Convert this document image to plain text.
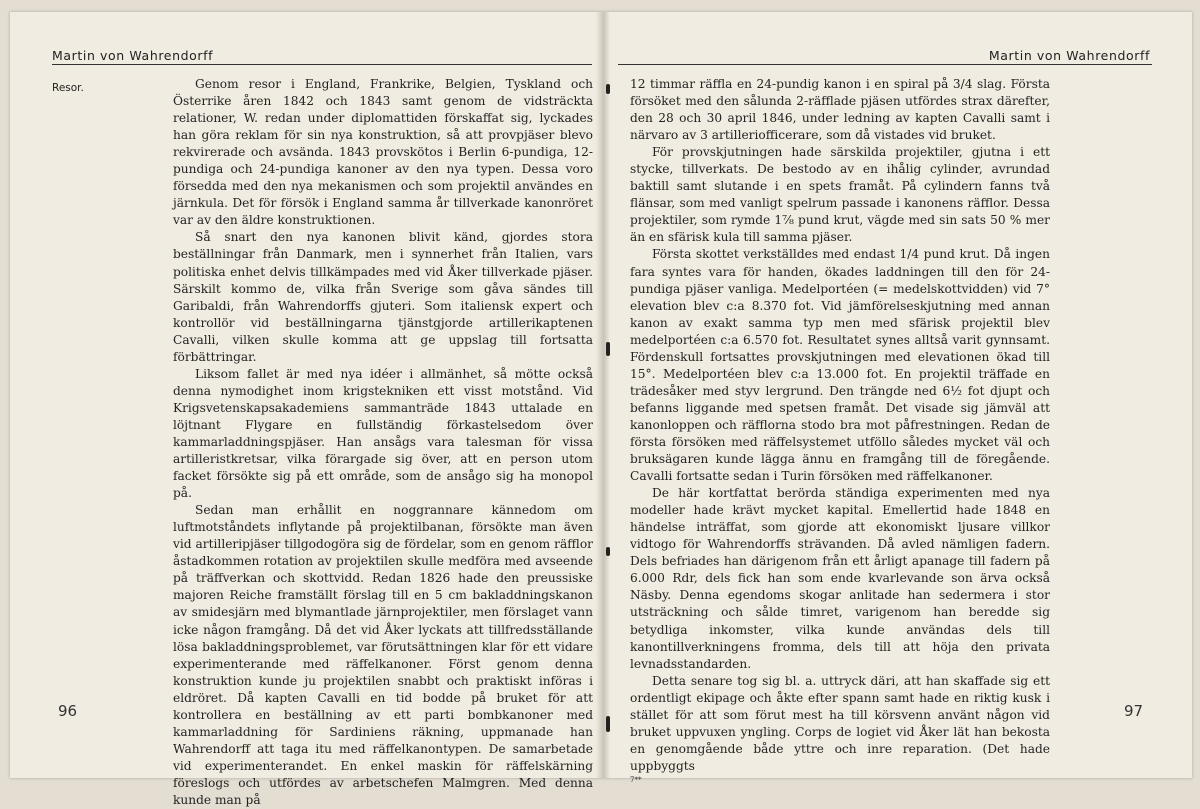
Martin von Wahrendorff
Resor.	Genom resor i England, Frankrike, Belgien, Tyskland och Österrike åren 1842 och 1843 samt genom de vidsträckta relationer, W. redan under diplomattiden förskaffat sig, lyckades han göra reklam för sin nya konstruktion, så att provpjäser blevo rekvirerade och avsända. 1843 provskötos i Berlin 6-pundiga, 12-pundiga och 24-pundiga kanoner av den nya typen. Dessa voro försedda med den nya mekanismen och som projektil användes en järnkula. Det för försök i England samma år tillverkade kanonröret var av den äldre konstruktionen.

Så snart den nya kanonen blivit känd, gjordes stora beställningar från Danmark, men i synnerhet från Italien, vars politiska enhet delvis tillkämpades med vid Åker tillverkade pjäser. Särskilt kommo de, vilka från Sverige som gåva sändes till Garibaldi, från Wahrendorffs gjuteri. Som italiensk expert och kontrollör vid beställningarna tjänstgjorde artillerikaptenen Cavalli, vilken skulle komma att ge uppslag till fortsatta förbättringar.

Liksom fallet är med nya idéer i allmänhet, så mötte också denna nymodighet inom krigstekniken ett visst motstånd. Vid Krigsvetenskapsakademiens sammanträde 1843 uttalade en löjtnant Flygare en fullständig förkastelsedom över kammarladdningspjäser. Han ansågs vara talesman för vissa artilleristkretsar, vilka förargade sig över, att en person utom facket försökte sig på ett område, som de ansågo sig ha monopol på.

Sedan man erhållit en noggrannare kännedom om luftmotståndets inflytande på projektilbanan, försökte man även vid artilleripjäser tillgodogöra sig de fördelar, som en genom räfflor åstadkommen rotation av projektilen skulle medföra med avseende på träffverkan och skottvidd. Redan 1826 hade den preussiske majoren Reiche framställt förslag till en 5 cm bakladdningskanon av smidesjärn med blymantlade järnprojektiler, men förslaget vann icke någon framgång. Då det vid Åker lyckats att tillfredsställande lösa bakladdningsproblemet, var förutsättningen klar för ett vidare experimenterande med räffelkanoner. Först genom denna konstruktion kunde ju projektilen snabbt och praktiskt införas i eldröret. Då kapten Cavalli en tid bodde på bruket för att kontrollera en beställning av ett parti bombkanoner med kammarladdning för Sardiniens räkning, uppmanade han Wahrendorff att taga itu med räffelkanontypen. De samarbetade vid experimenterandet. En enkel maskin för räffelskärning föreslogs och utfördes av arbetschefen Malmgren. Med denna kunde man på

96
Martin von Wahrendorff

12 timmar räffla en 24-pundig kanon i en spiral på 3/4 slag. Första försöket med den sålunda 2-räfflade pjäsen utfördes strax därefter, den 28 och 30 april 1846, under ledning av kapten Cavalli samt i närvaro av 3 artilleriofficerare, som då vistades vid bruket.

För provskjutningen hade särskilda projektiler, gjutna i ett stycke, tillverkats. De bestodo av en ihålig cylinder, avrundad baktill samt slutande i en spets framåt. På cylindern fanns två flänsar, som med vanligt spelrum passade i kanonens räfflor. Dessa projektiler, som rymde 1⅞ pund krut, vägde med sin sats 50 % mer än en sfärisk kula till samma pjäser.

Första skottet verkställdes med endast 1/4 pund krut. Då ingen fara syntes vara för handen, ökades laddningen till den för 24-pundiga pjäser vanliga. Medelportéen (= medelskottvidden) vid 7° elevation blev c:a 8.370 fot. Vid jämförelseskjutning med annan kanon av exakt samma typ men med sfärisk projektil blev medelportéen c:a 6.570 fot. Resultatet synes alltså varit gynnsamt. Fördenskull fortsattes provskjutningen med elevationen ökad till 15°. Medelportéen blev c:a 13.000 fot. En projektil träffade en trädesåker med styv lergrund. Den trängde ned 6½ fot djupt och befanns liggande med spetsen framåt. Det visade sig jämväl att kanonloppen och räfflorna stodo bra mot påfrestningen. Redan de första försöken med räffelsystemet utföllo således mycket väl och bruksägaren kunde lägga ännu en framgång till de föregående. Cavalli fortsatte sedan i Turin försöken med räffelkanoner.

De här kortfattat berörda ständiga experimenten med nya modeller hade krävt mycket kapital. Emellertid hade 1848 en händelse inträffat, som gjorde att ekonomiskt ljusare villkor vidtogo för Wahrendorffs strävanden. Då avled nämligen fadern. Dels befriades han därigenom från ett årligt apanage till fadern på 6.000 Rdr, dels fick han som ende kvarlevande son ärva också Näsby. Denna egendoms skogar anlitade han sedermera i stor utsträckning och sålde timret, varigenom han beredde sig betydliga inkomster, vilka kunde användas dels till kanontillverkningens fromma, dels till att höja den privata levnadsstandarden.

Detta senare tog sig bl. a. uttryck däri, att han skaffade sig ett ordentligt ekipage och åkte efter spann samt hade en riktig kusk i stället för att som förut mest ha till körsvenn använt någon vid bruket uppvuxen yngling. Corps de logiet vid Åker lät han bekosta en genomgående både yttre och inre reparation. (Det hade uppbyggts

7**
97
